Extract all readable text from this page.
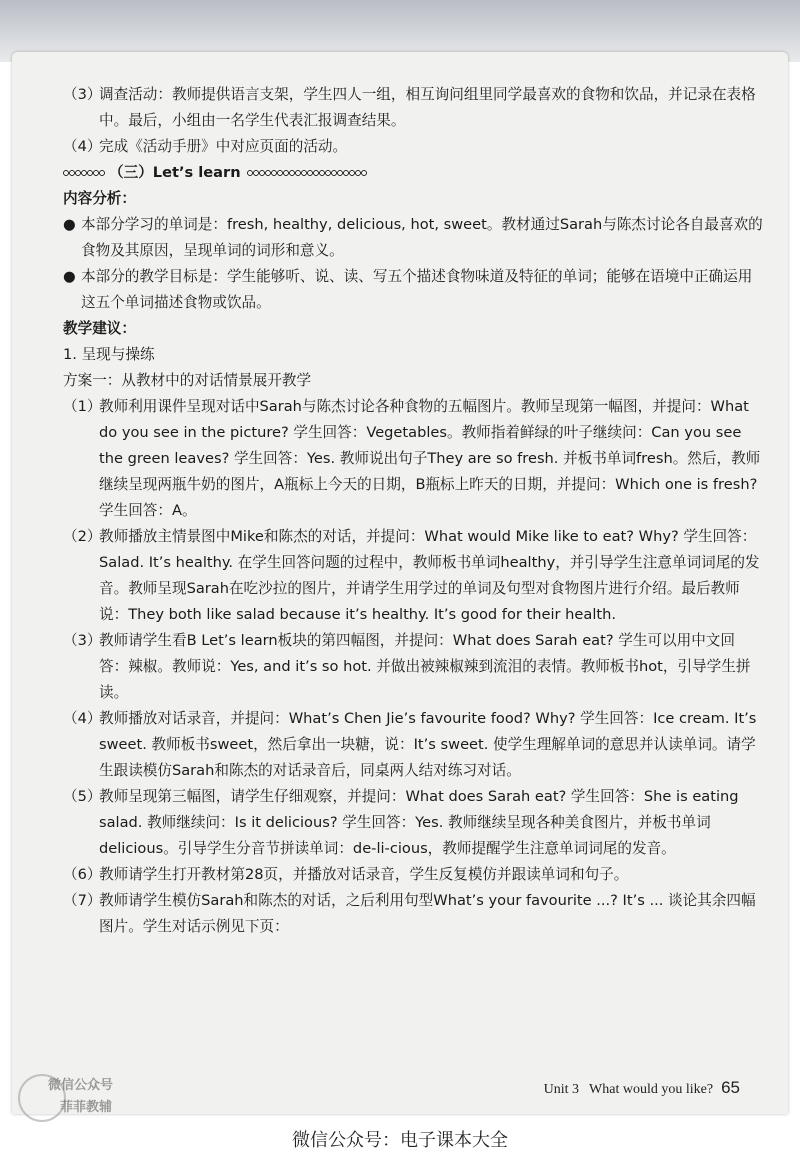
（3）调查活动：教师提供语言支架，学生四人一组，相互询问组里同学最喜欢的食物和饮品，并记录在表格中。最后，小组由一名学生代表汇报调查结果。

（4）完成《活动手册》中对应页面的活动。

（三）Let’s learn

内容分析：

● 本部分学习的单词是：fresh, healthy, delicious, hot, sweet。教材通过Sarah与陈杰讨论各自最喜欢的食物及其原因，呈现单词的词形和意义。

● 本部分的教学目标是：学生能够听、说、读、写五个描述食物味道及特征的单词；能够在语境中正确运用这五个单词描述食物或饮品。

教学建议：

1. 呈现与操练

方案一：从教材中的对话情景展开教学

（1）教师利用课件呈现对话中Sarah与陈杰讨论各种食物的五幅图片。教师呈现第一幅图，并提问：What do you see in the picture? 学生回答：Vegetables。教师指着鲜绿的叶子继续问：Can you see the green leaves? 学生回答：Yes. 教师说出句子They are so fresh. 并板书单词fresh。然后，教师继续呈现两瓶牛奶的图片，A瓶标上今天的日期，B瓶标上昨天的日期，并提问：Which one is fresh? 学生回答：A。

（2）教师播放主情景图中Mike和陈杰的对话，并提问：What would Mike like to eat? Why? 学生回答：Salad. It’s healthy. 在学生回答问题的过程中，教师板书单词healthy，并引导学生注意单词词尾的发音。教师呈现Sarah在吃沙拉的图片，并请学生用学过的单词及句型对食物图片进行介绍。最后教师说：They both like salad because it’s healthy. It’s good for their health.

（3）教师请学生看B Let’s learn板块的第四幅图，并提问：What does Sarah eat? 学生可以用中文回答：辣椒。教师说：Yes, and it’s so hot. 并做出被辣椒辣到流泪的表情。教师板书hot，引导学生拼读。

（4）教师播放对话录音，并提问：What’s Chen Jie’s favourite food? Why? 学生回答：Ice cream. It’s sweet. 教师板书sweet，然后拿出一块糖，说：It’s sweet. 使学生理解单词的意思并认读单词。请学生跟读模仿Sarah和陈杰的对话录音后，同桌两人结对练习对话。

（5）教师呈现第三幅图，请学生仔细观察，并提问：What does Sarah eat? 学生回答：She is eating salad. 教师继续问：Is it delicious? 学生回答：Yes. 教师继续呈现各种美食图片，并板书单词delicious。引导学生分音节拼读单词：de-li-cious，教师提醒学生注意单词词尾的发音。

（6）教师请学生打开教材第28页，并播放对话录音，学生反复模仿并跟读单词和句子。

（7）教师请学生模仿Sarah和陈杰的对话，之后利用句型What’s your favourite ...? It’s ... 谈论其余四幅图片。学生对话示例见下页：

微信公众号
菲菲教辅
Unit 3 What would you like? 65
微信公众号：电子课本大全
